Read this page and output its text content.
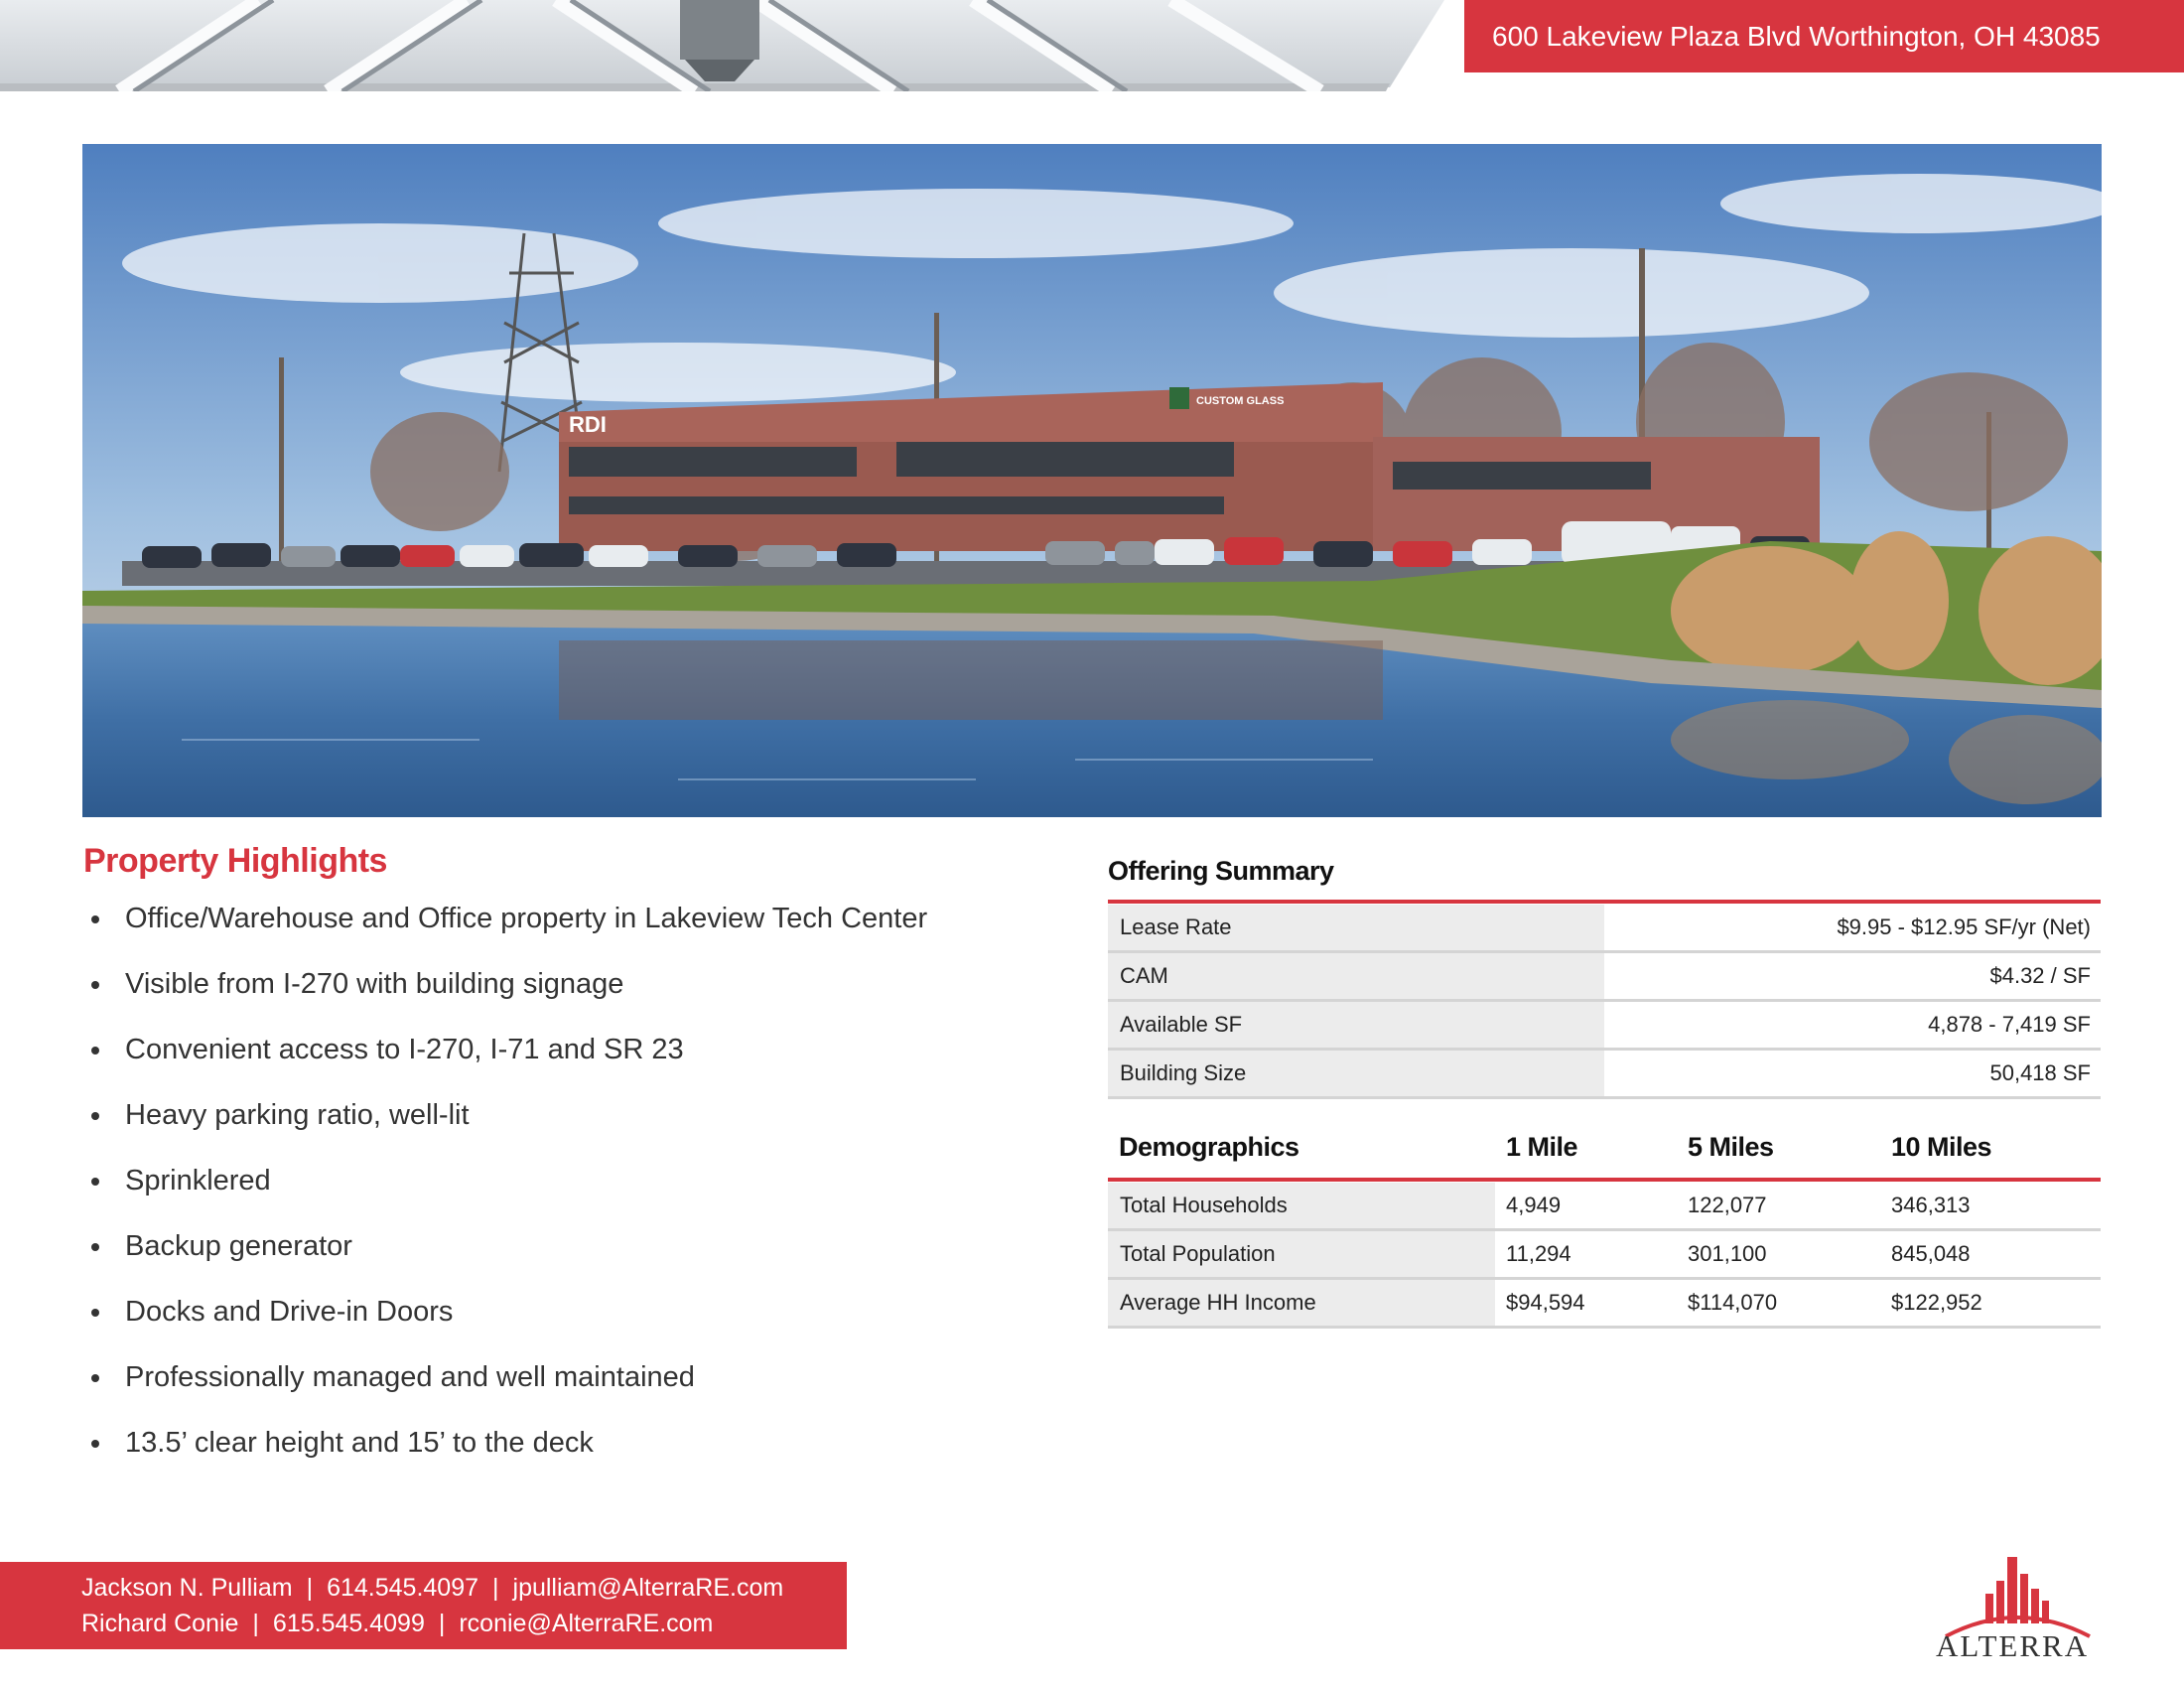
600 Lakeview Plaza Blvd Worthington, OH 43085
RDI
CUSTOM GLASS
Property Highlights
Office/Warehouse and Office property in Lakeview Tech Center
Visible from I-270 with building signage
Convenient access to I-270, I-71 and SR 23
Heavy parking ratio, well-lit
Sprinklered
Backup generator
Docks and Drive-in Doors
Professionally managed and well maintained
13.5’ clear height and 15’ to the deck
Offering Summary
Lease Rate	$9.95 - $12.95 SF/yr (Net)
CAM	$4.32 / SF
Available SF	4,878 - 7,419 SF
Building Size	50,418 SF
Demographics	1 Mile	5 Miles	10 Miles
Total Households	4,949	122,077	346,313
Total Population	11,294	301,100	845,048
Average HH Income	$94,594	$114,070	$122,952
Jackson N. Pulliam | 614.545.4097 | jpulliam@AlterraRE.com
Richard Conie | 615.545.4099 | rconie@AlterraRE.com
ALTERRA
